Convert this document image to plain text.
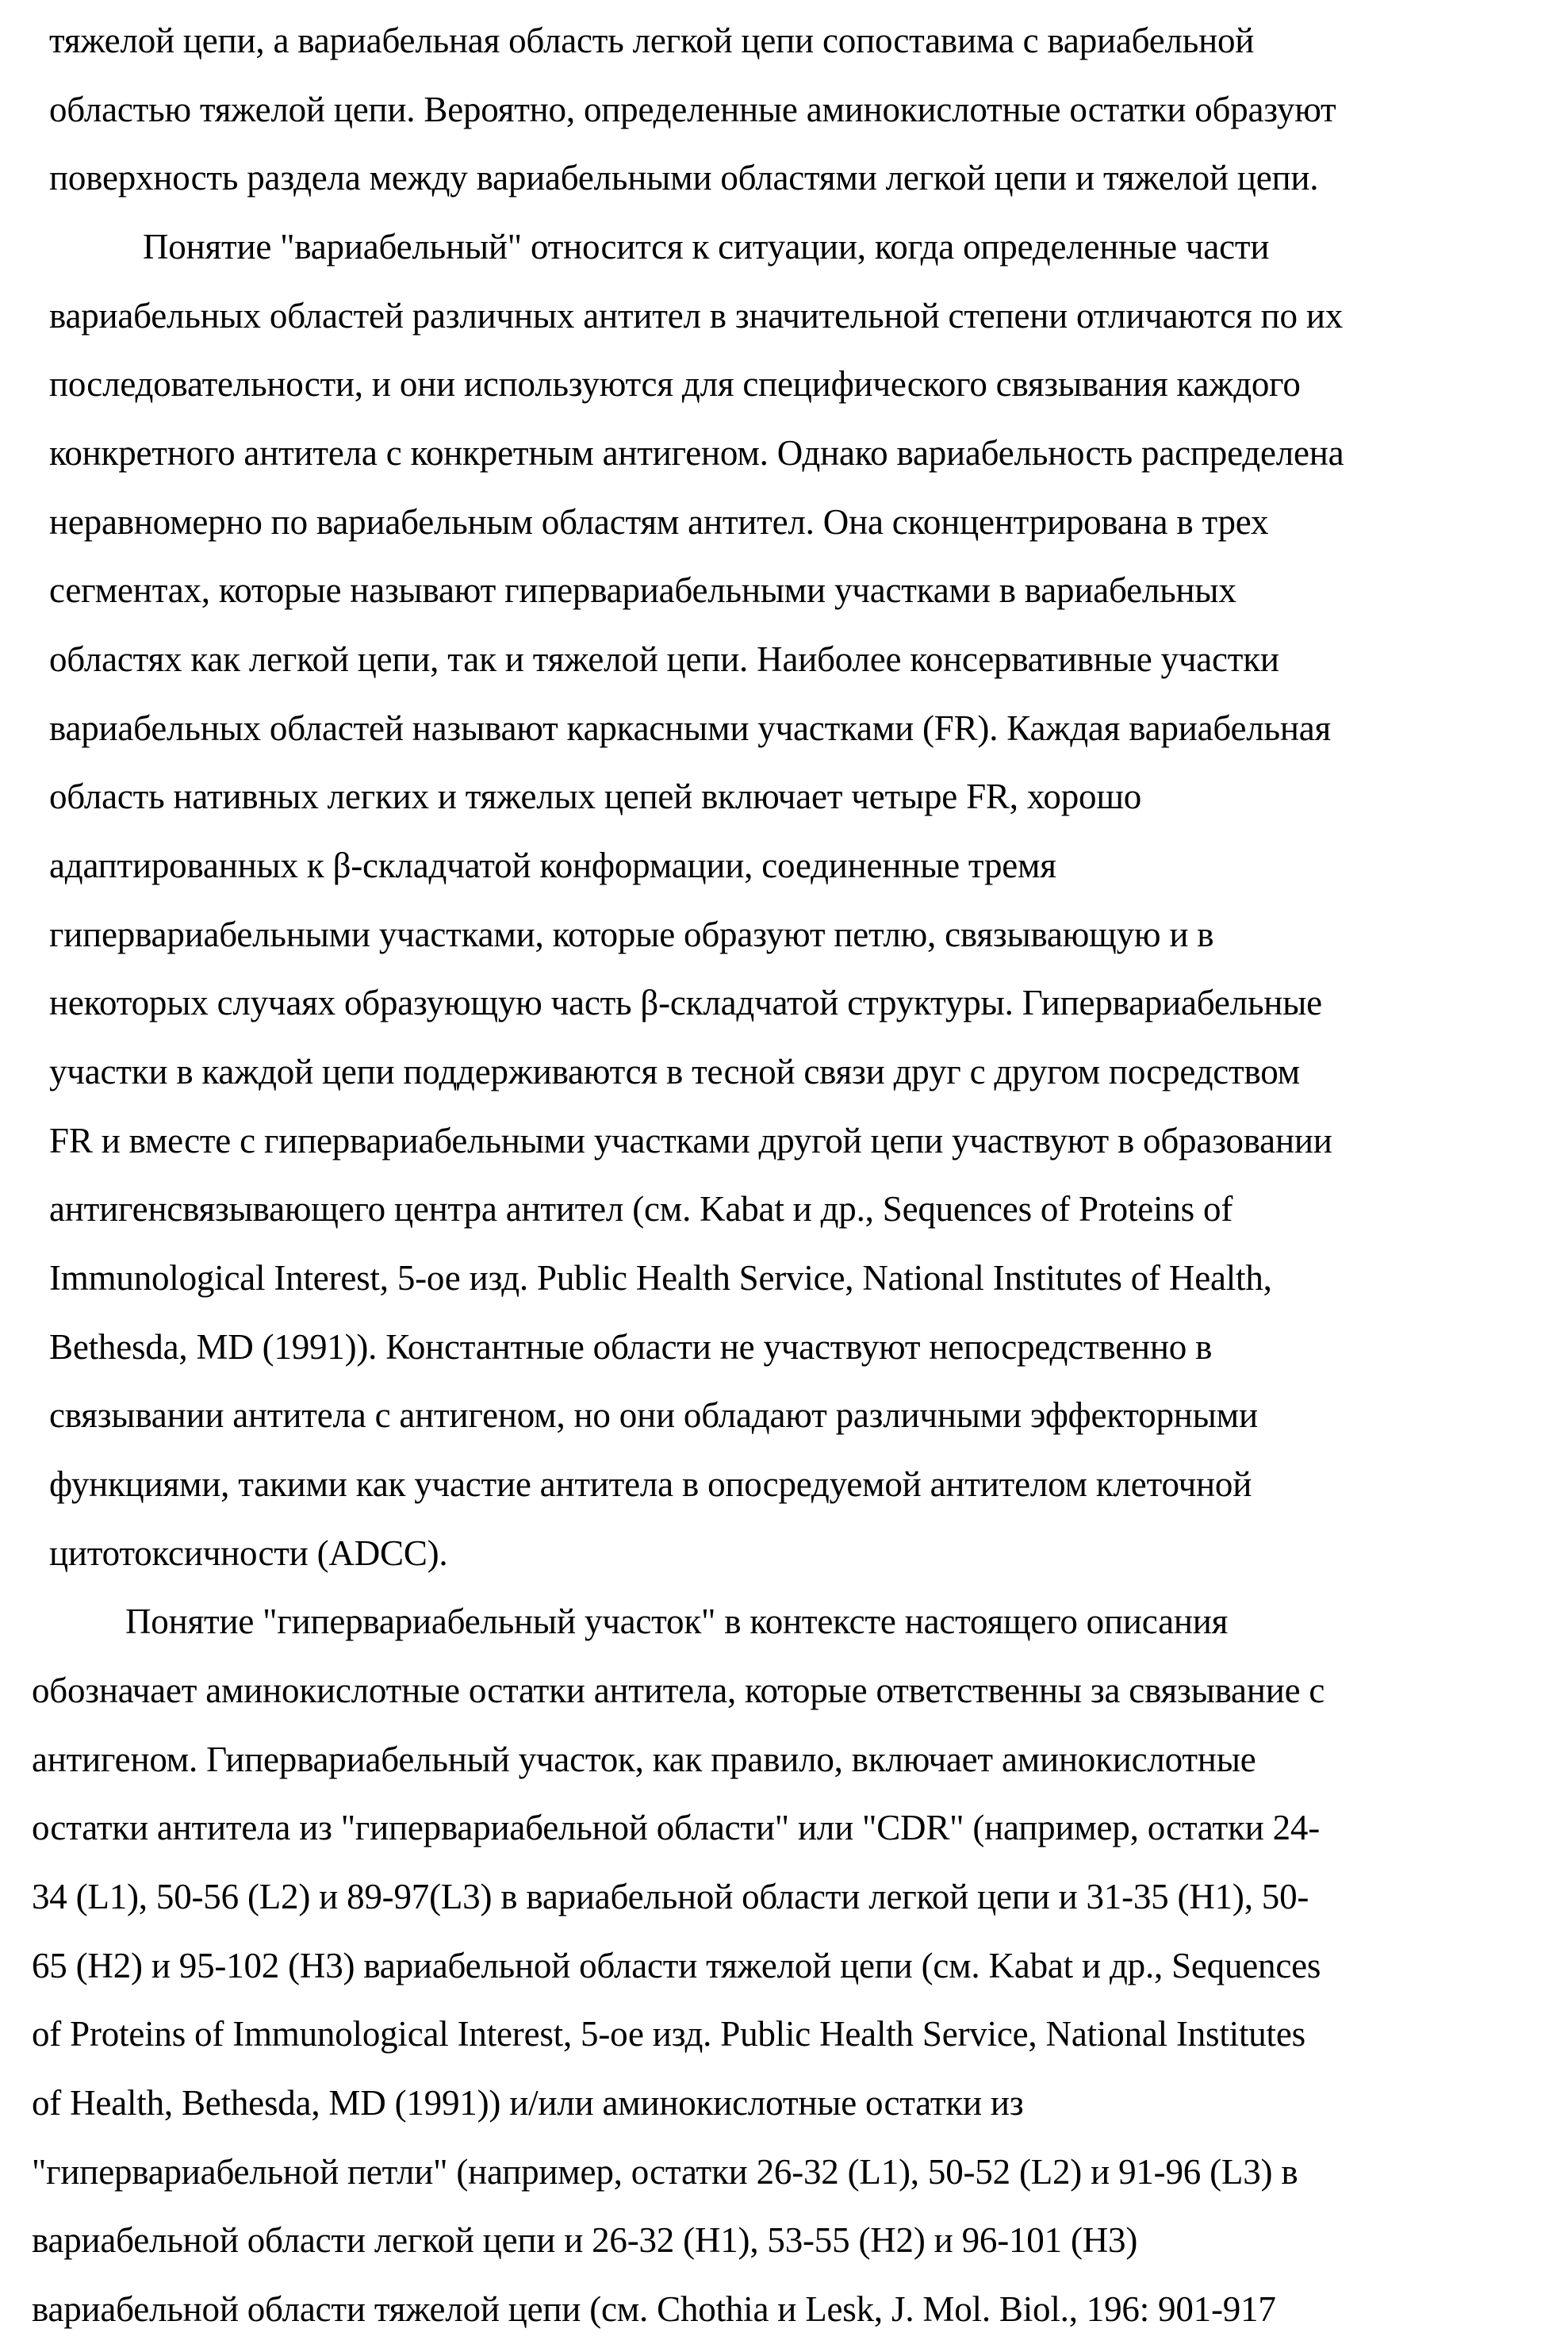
тяжелой цепи, а вариабельная область легкой цепи сопоставима с вариабельной
областью тяжелой цепи. Вероятно, определенные аминокислотные остатки образуют
поверхность раздела между вариабельными областями легкой цепи и тяжелой цепи.
Понятие "вариабельный" относится к ситуации, когда определенные части
вариабельных областей различных антител в значительной степени отличаются по их
последовательности, и они используются для специфического связывания каждого
конкретного антитела с конкретным антигеном. Однако вариабельность распределена
неравномерно по вариабельным областям антител. Она сконцентрирована в трех
сегментах, которые называют гипервариабельными участками в вариабельных
областях как легкой цепи, так и тяжелой цепи. Наиболее консервативные участки
вариабельных областей называют каркасными участками (FR). Каждая вариабельная
область нативных легких и тяжелых цепей включает четыре FR, хорошо
адаптированных к β-складчатой конформации, соединенные тремя
гипервариабельными участками, которые образуют петлю, связывающую и в
некоторых случаях образующую часть β-складчатой структуры. Гипервариабельные
участки в каждой цепи поддерживаются в тесной связи друг с другом посредством
FR и вместе с гипервариабельными участками другой цепи участвуют в образовании
антигенсвязывающего центра антител (см. Kabat и др., Sequences of Proteins of
Immunological Interest, 5-ое изд. Public Health Service, National Institutes of Health,
Bethesda, MD (1991)). Константные области не участвуют непосредственно в
связывании антитела с антигеном, но они обладают различными эффекторными
функциями, такими как участие антитела в опосредуемой антителом клеточной
цитотоксичности (ADCC).
Понятие "гипервариабельный участок" в контексте настоящего описания
обозначает аминокислотные остатки антитела, которые ответственны за связывание с
антигеном. Гипервариабельный участок, как правило, включает аминокислотные
остатки антитела из "гипервариабельной области" или "CDR" (например, остатки 24-
34 (L1), 50-56 (L2) и 89-97(L3) в вариабельной области легкой цепи и 31-35 (H1), 50-
65 (H2) и 95-102 (H3) вариабельной области тяжелой цепи (см. Kabat и др., Sequences
of Proteins of Immunological Interest, 5-ое изд. Public Health Service, National Institutes
of Health, Bethesda, MD (1991)) и/или аминокислотные остатки из
"гипервариабельной петли" (например, остатки 26-32 (L1), 50-52 (L2) и 91-96 (L3) в
вариабельной области легкой цепи и 26-32 (H1), 53-55 (H2) и 96-101 (H3)
вариабельной области тяжелой цепи (см. Chothia и Lesk, J. Mol. Biol., 196: 901-917
